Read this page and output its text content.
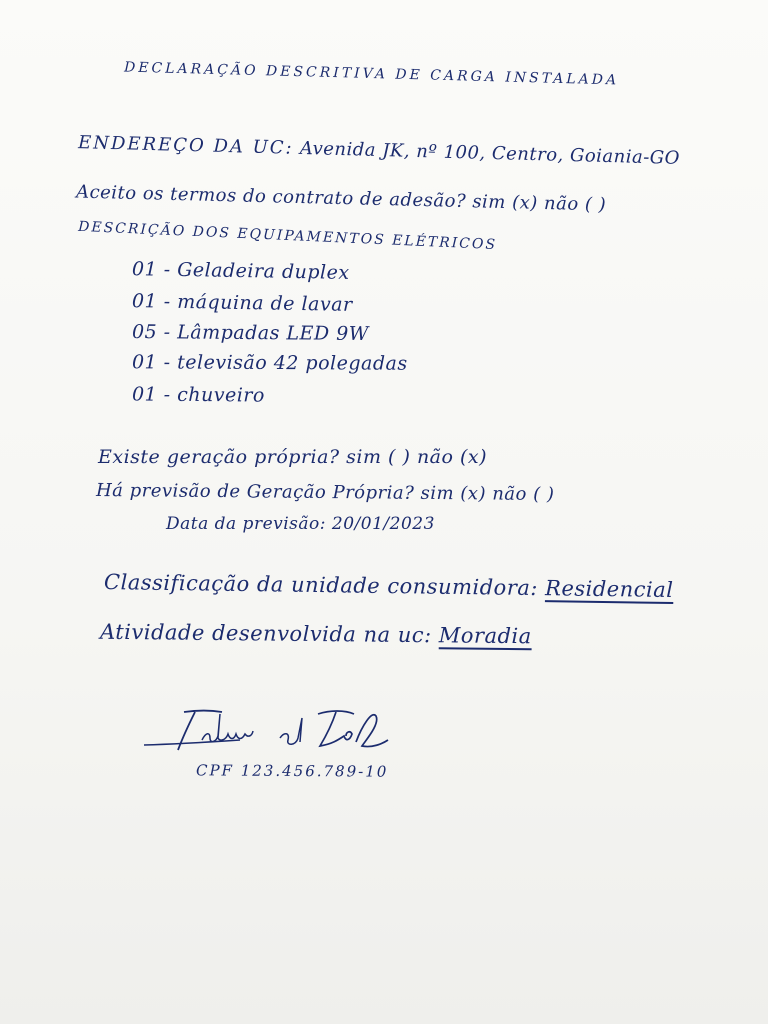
DECLARAÇÃO DESCRITIVA DE CARGA INSTALADA
ENDEREÇO DA UC: Avenida JK, nº 100, Centro, Goiania-GO
Aceito os termos do contrato de adesão? sim (x) não ( )
DESCRIÇÃO DOS EQUIPAMENTOS ELÉTRICOS
01 - Geladeira duplex
01 - máquina de lavar
05 - Lâmpadas LED 9W
01 - televisão 42 polegadas
01 - chuveiro
Existe geração própria? sim ( ) não (x)
Há previsão de Geração Própria? sim (x) não ( )
Data da previsão: 20/01/2023
Classificação da unidade consumidora: Residencial
Atividade desenvolvida na uc: Moradia
CPF 123.456.789-10
